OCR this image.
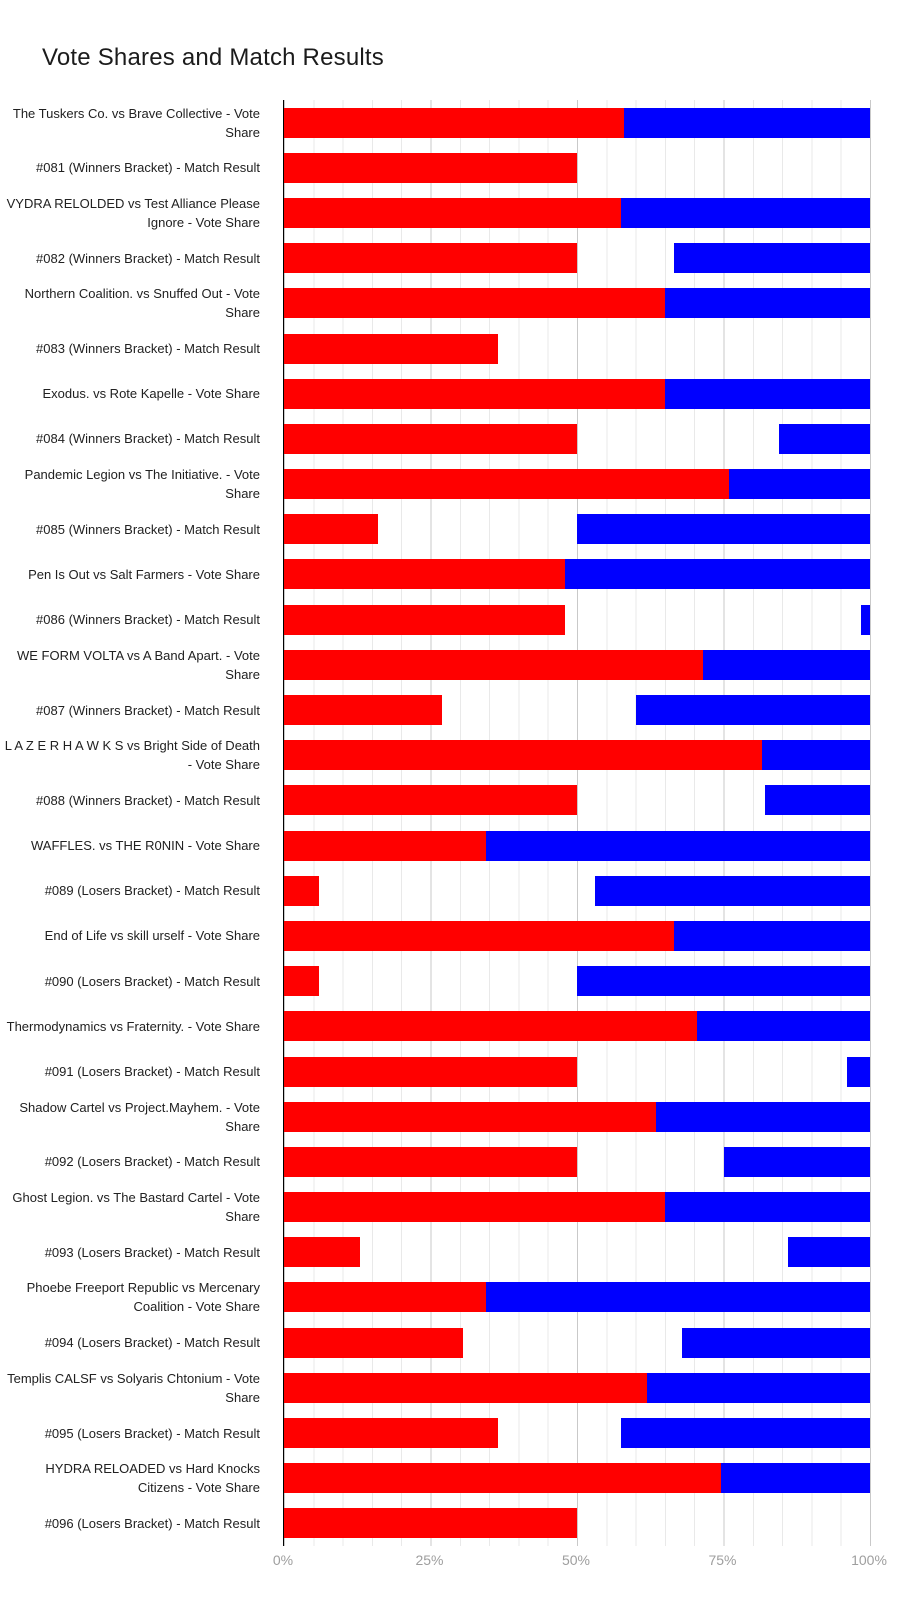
Vote Shares and Match Results
The Tuskers Co. vs Brave Collective - Vote Share
#081 (Winners Bracket) - Match Result
VYDRA RELOLDED vs Test Alliance Please Ignore - Vote Share
#082 (Winners Bracket) - Match Result
Northern Coalition. vs Snuffed Out - Vote Share
#083 (Winners Bracket) - Match Result
Exodus. vs Rote Kapelle - Vote Share
#084 (Winners Bracket) - Match Result
Pandemic Legion vs The Initiative. - Vote Share
#085 (Winners Bracket) - Match Result
Pen Is Out vs Salt Farmers - Vote Share
#086 (Winners Bracket) - Match Result
WE FORM VOLTA vs A Band Apart. - Vote Share
#087 (Winners Bracket) - Match Result
L A Z E R H A W K S vs Bright Side of Death - Vote Share
#088 (Winners Bracket) - Match Result
WAFFLES. vs THE R0NIN - Vote Share
#089 (Losers Bracket) - Match Result
End of Life vs skill urself - Vote Share
#090 (Losers Bracket) - Match Result
Thermodynamics vs Fraternity. - Vote Share
#091 (Losers Bracket) - Match Result
Shadow Cartel vs Project.Mayhem. - Vote Share
#092 (Losers Bracket) - Match Result
Ghost Legion. vs The Bastard Cartel - Vote Share
#093 (Losers Bracket) - Match Result
Phoebe Freeport Republic vs Mercenary Coalition - Vote Share
#094 (Losers Bracket) - Match Result
Templis CALSF vs Solyaris Chtonium - Vote Share
#095 (Losers Bracket) - Match Result
HYDRA RELOADED vs Hard Knocks Citizens - Vote Share
#096 (Losers Bracket) - Match Result
0%	25%	50%	75%	100%
